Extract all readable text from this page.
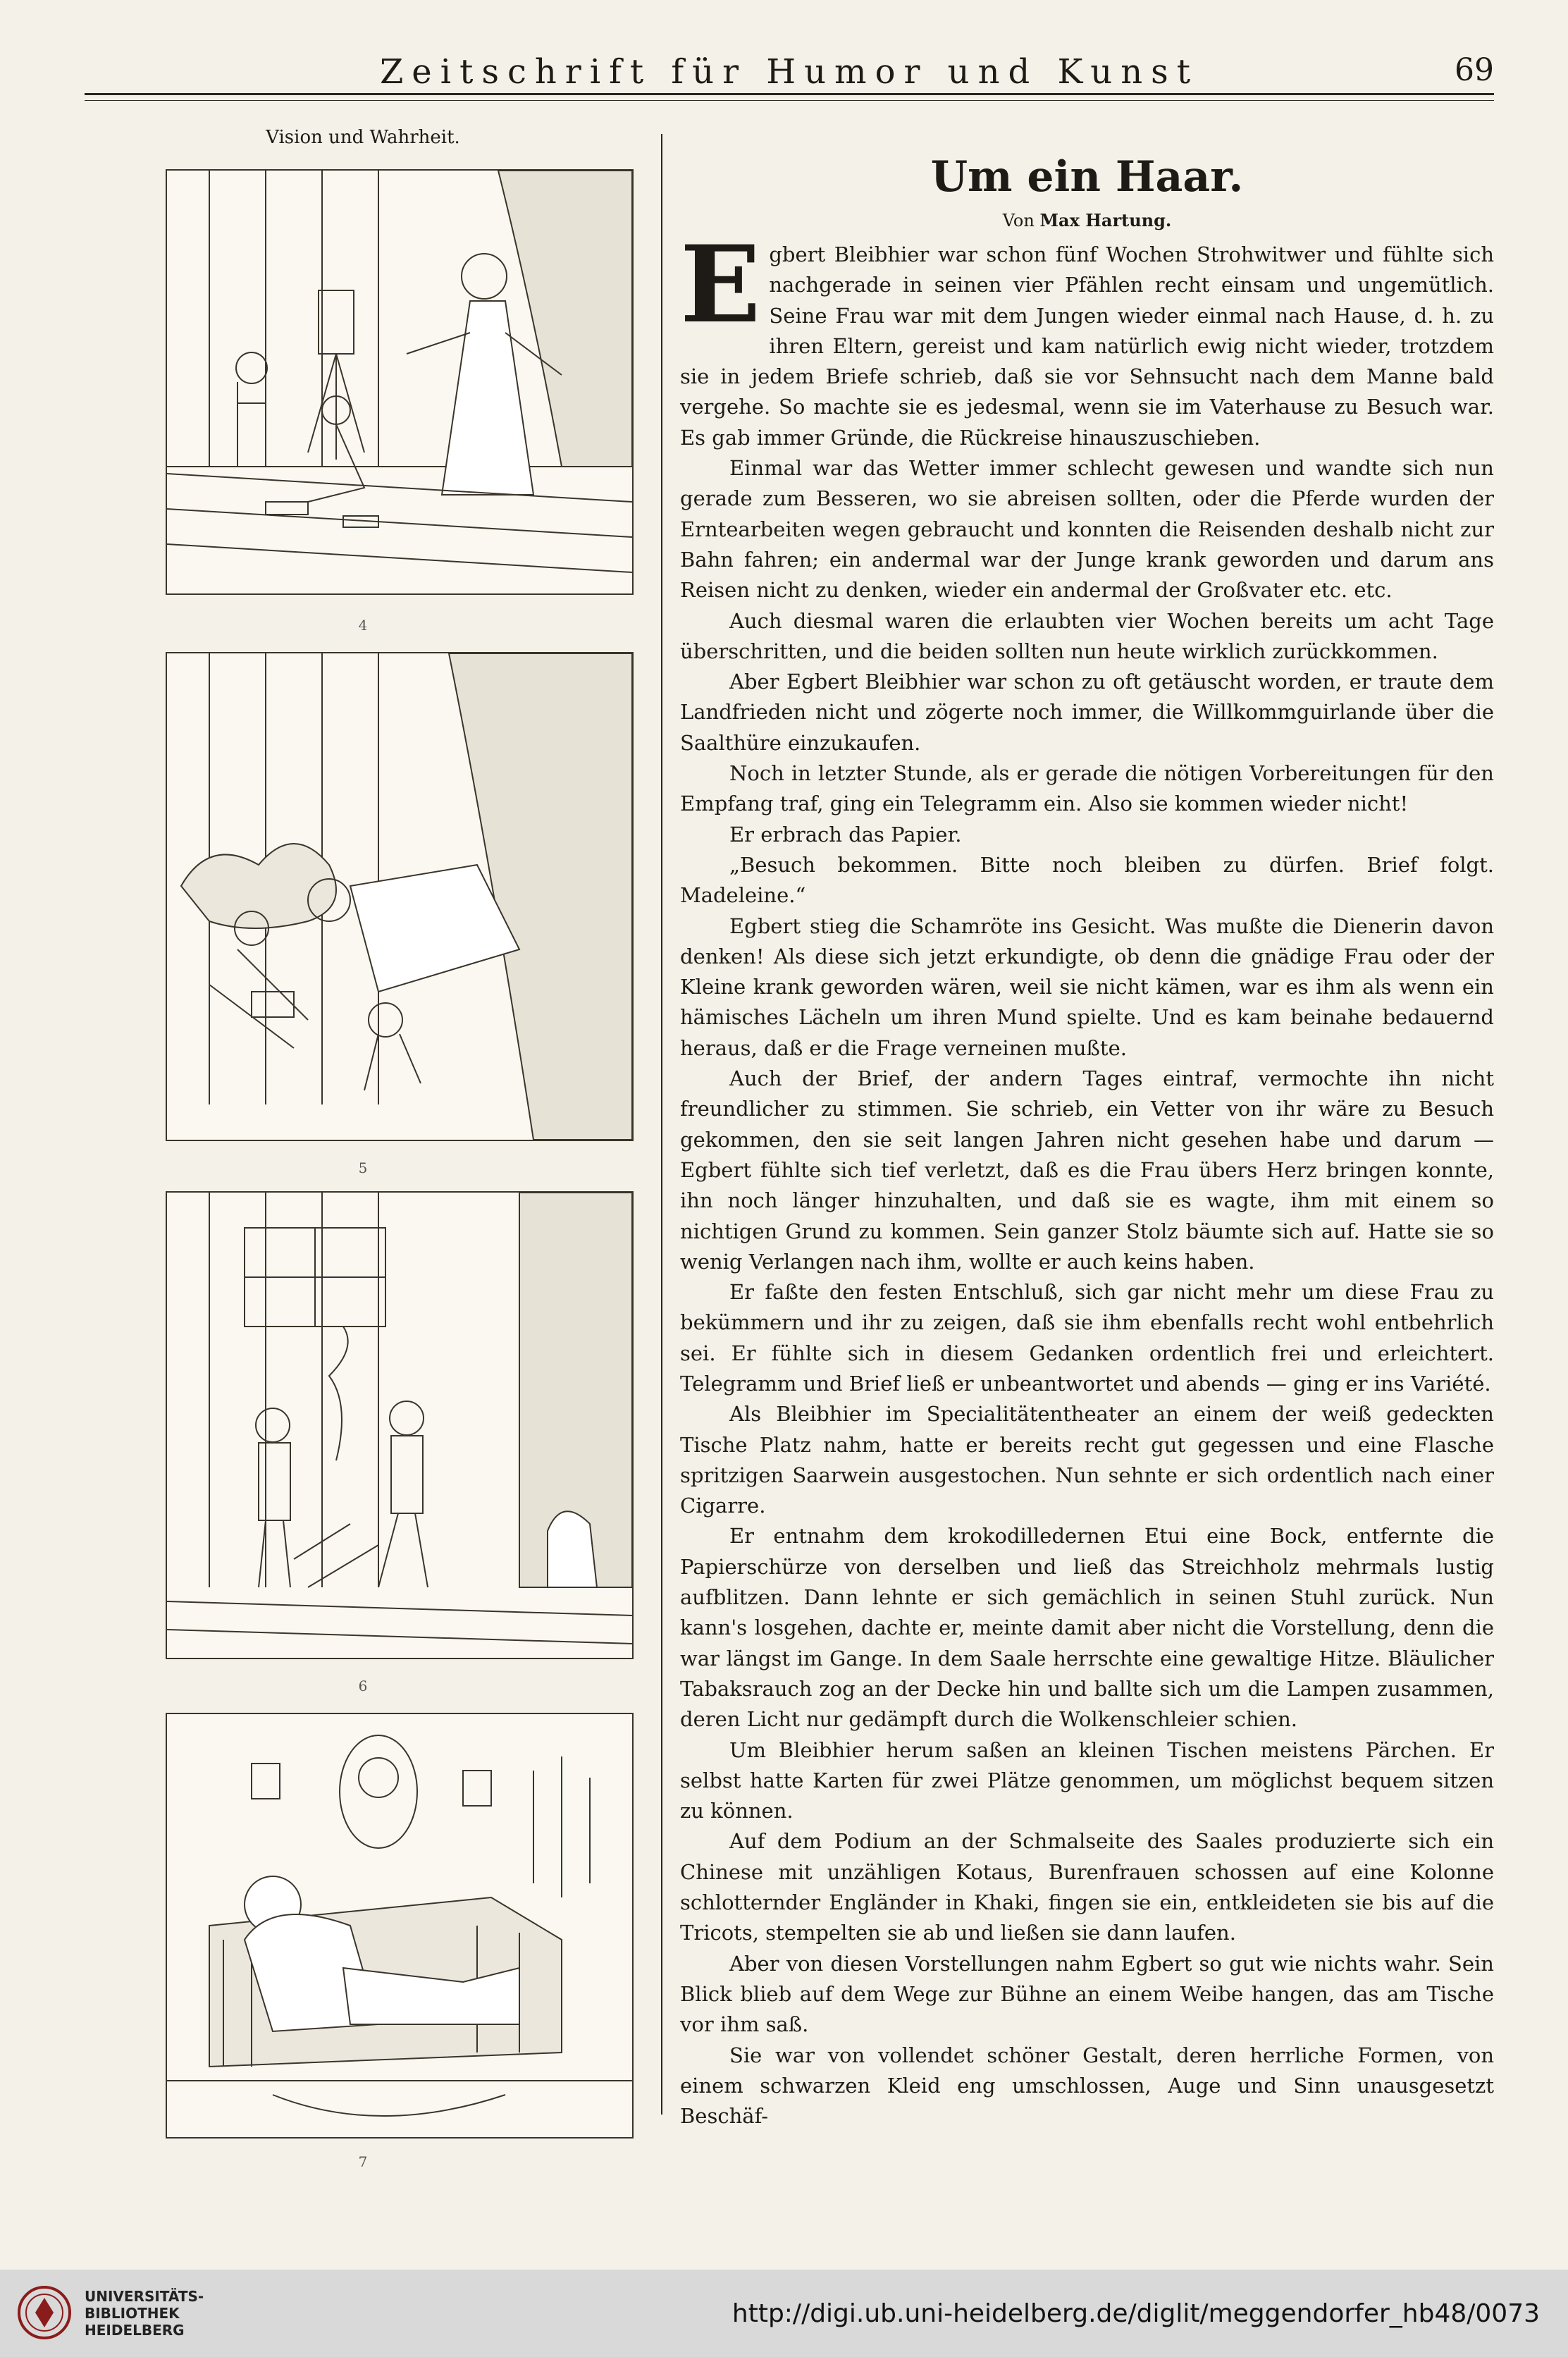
Zeitschrift für Humor und Kunst	69
Vision und Wahrheit.
4
5
6
7
Um ein Haar.
Von Max Hartung.

Egbert Bleibhier war schon fünf Wochen Strohwitwer und fühlte sich nachgerade in seinen vier Pfählen recht einsam und ungemütlich. Seine Frau war mit dem Jungen wieder einmal nach Hause, d. h. zu ihren Eltern, gereist und kam natürlich ewig nicht wieder, trotzdem sie in jedem Briefe schrieb, daß sie vor Sehnsucht nach dem Manne bald vergehe. So machte sie es jedesmal, wenn sie im Vaterhause zu Besuch war. Es gab immer Gründe, die Rückreise hinauszuschieben.

Einmal war das Wetter immer schlecht gewesen und wandte sich nun gerade zum Besseren, wo sie abreisen sollten, oder die Pferde wurden der Erntearbeiten wegen gebraucht und konnten die Reisenden deshalb nicht zur Bahn fahren; ein andermal war der Junge krank geworden und darum ans Reisen nicht zu denken, wieder ein andermal der Großvater etc. etc.

Auch diesmal waren die erlaubten vier Wochen bereits um acht Tage überschritten, und die beiden sollten nun heute wirklich zurückkommen.

Aber Egbert Bleibhier war schon zu oft getäuscht worden, er traute dem Landfrieden nicht und zögerte noch immer, die Willkommguirlande über die Saalthüre einzukaufen.

Noch in letzter Stunde, als er gerade die nötigen Vorbereitungen für den Empfang traf, ging ein Telegramm ein. Also sie kommen wieder nicht!

Er erbrach das Papier.

„Besuch bekommen. Bitte noch bleiben zu dürfen. Brief folgt. Madeleine.“

Egbert stieg die Schamröte ins Gesicht. Was mußte die Dienerin davon denken! Als diese sich jetzt erkundigte, ob denn die gnädige Frau oder der Kleine krank geworden wären, weil sie nicht kämen, war es ihm als wenn ein hämisches Lächeln um ihren Mund spielte. Und es kam beinahe bedauernd heraus, daß er die Frage verneinen mußte.

Auch der Brief, der andern Tages eintraf, vermochte ihn nicht freundlicher zu stimmen. Sie schrieb, ein Vetter von ihr wäre zu Besuch gekommen, den sie seit langen Jahren nicht gesehen habe und darum — Egbert fühlte sich tief verletzt, daß es die Frau übers Herz bringen konnte, ihn noch länger hinzuhalten, und daß sie es wagte, ihm mit einem so nichtigen Grund zu kommen. Sein ganzer Stolz bäumte sich auf. Hatte sie so wenig Verlangen nach ihm, wollte er auch keins haben.

Er faßte den festen Entschluß, sich gar nicht mehr um diese Frau zu bekümmern und ihr zu zeigen, daß sie ihm ebenfalls recht wohl entbehrlich sei. Er fühlte sich in diesem Gedanken ordentlich frei und erleichtert. Telegramm und Brief ließ er unbeantwortet und abends — ging er ins Variété.

Als Bleibhier im Specialitätentheater an einem der weiß gedeckten Tische Platz nahm, hatte er bereits recht gut gegessen und eine Flasche spritzigen Saarwein ausgestochen. Nun sehnte er sich ordentlich nach einer Cigarre.

Er entnahm dem krokodilledernen Etui eine Bock, entfernte die Papierschürze von derselben und ließ das Streichholz mehrmals lustig aufblitzen. Dann lehnte er sich gemächlich in seinen Stuhl zurück. Nun kann's losgehen, dachte er, meinte damit aber nicht die Vorstellung, denn die war längst im Gange. In dem Saale herrschte eine gewaltige Hitze. Bläulicher Tabaksrauch zog an der Decke hin und ballte sich um die Lampen zusammen, deren Licht nur gedämpft durch die Wolkenschleier schien.

Um Bleibhier herum saßen an kleinen Tischen meistens Pärchen. Er selbst hatte Karten für zwei Plätze genommen, um möglichst bequem sitzen zu können.

Auf dem Podium an der Schmalseite des Saales produzierte sich ein Chinese mit unzähligen Kotaus, Burenfrauen schossen auf eine Kolonne schlotternder Engländer in Khaki, fingen sie ein, entkleideten sie bis auf die Tricots, stempelten sie ab und ließen sie dann laufen.

Aber von diesen Vorstellungen nahm Egbert so gut wie nichts wahr. Sein Blick blieb auf dem Wege zur Bühne an einem Weibe hangen, das am Tische vor ihm saß.

Sie war von vollendet schöner Gestalt, deren herrliche Formen, von einem schwarzen Kleid eng umschlossen, Auge und Sinn unausgesetzt Beschäf-

UNIVERSITÄTS-
BIBLIOTHEK
HEIDELBERG
http://digi.ub.uni-heidelberg.de/diglit/meggendorfer_hb48/0073
